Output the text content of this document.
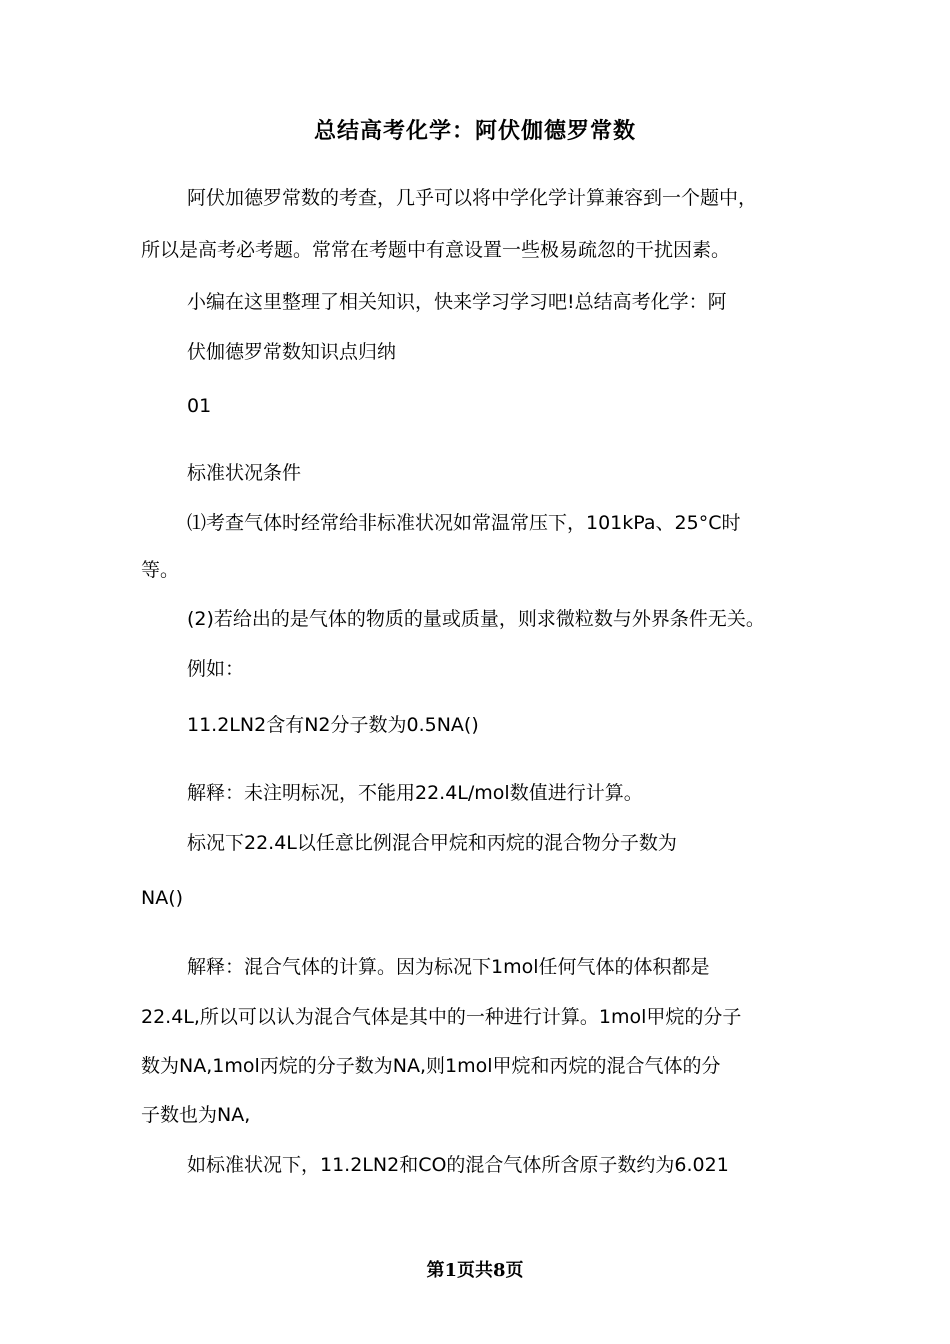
总结高考化学：阿伏伽德罗常数
阿伏加德罗常数的考查，几乎可以将中学化学计算兼容到一个题中，
所以是高考必考题。常常在考题中有意设置一些极易疏忽的干扰因素。
小编在这里整理了相关知识，快来学习学习吧!总结高考化学：阿
伏伽德罗常数知识点归纳
01
标准状况条件
⑴考查气体时经常给非标准状况如常温常压下，101kPa、25°C时
等。
(2)若给出的是气体的物质的量或质量，则求微粒数与外界条件无关。
例如：
11.2LN2含有N2分子数为0.5NA()
解释：未注明标况，不能用22.4L/mol数值进行计算。
标况下22.4L以任意比例混合甲烷和丙烷的混合物分子数为
NA()
解释：混合气体的计算。因为标况下1mol任何气体的体积都是
22.4L,所以可以认为混合气体是其中的一种进行计算。1mol甲烷的分子
数为NA,1mol丙烷的分子数为NA,则1mol甲烷和丙烷的混合气体的分
子数也为NA,
如标准状况下，11.2LN2和CO的混合气体所含原子数约为6.021
第1页共8页
